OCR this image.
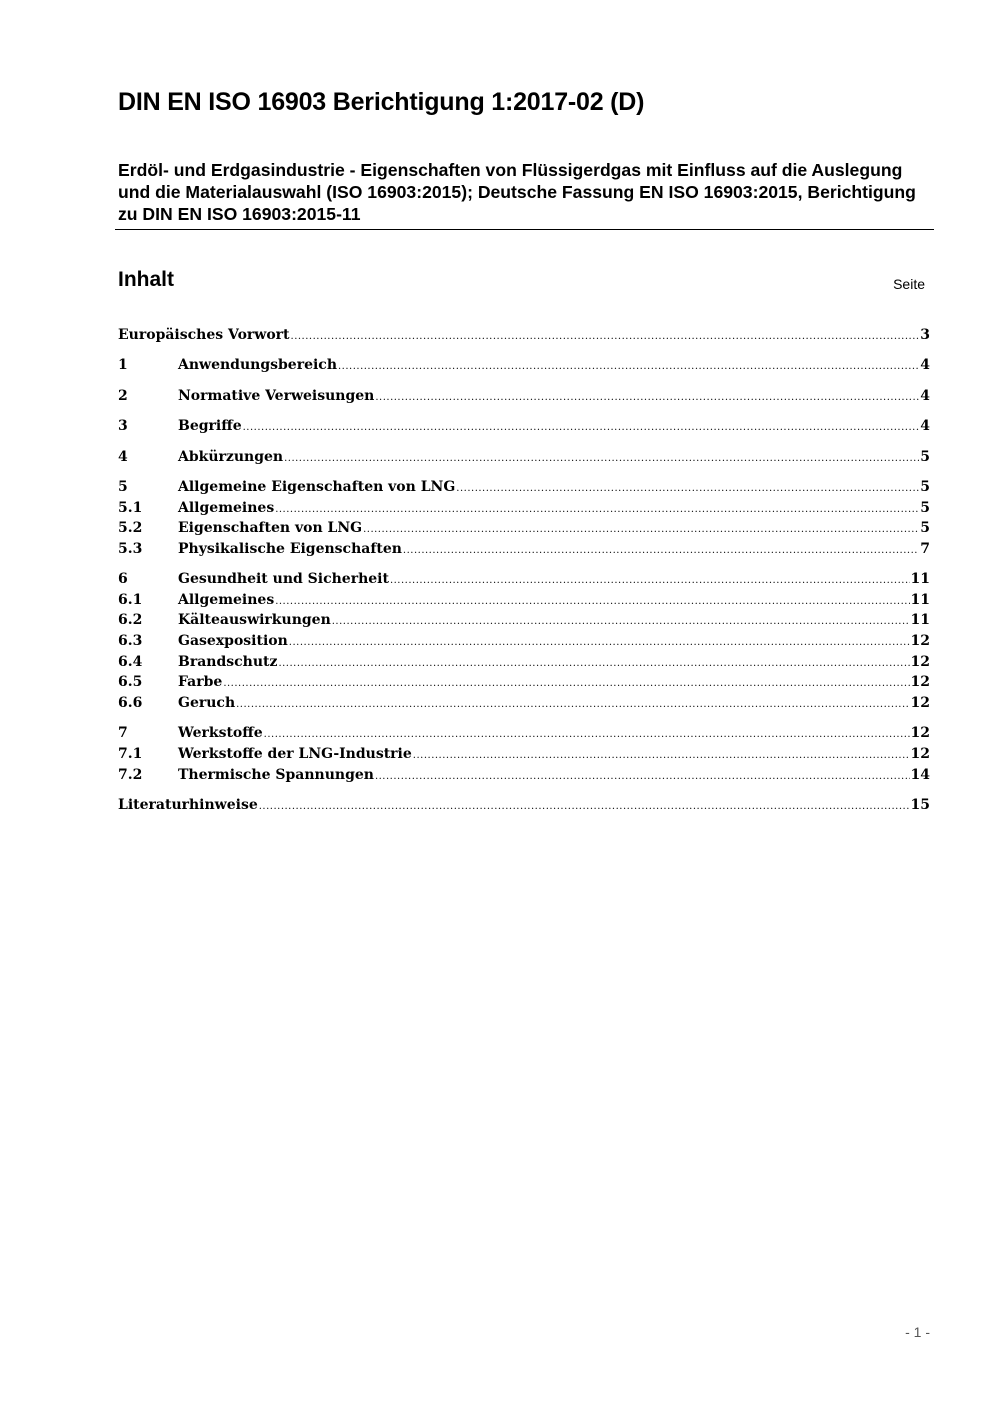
DIN EN ISO 16903 Berichtigung 1:2017-02 (D)
Erdöl- und Erdgasindustrie - Eigenschaften von Flüssigerdgas mit Einfluss auf die Auslegung und die Materialauswahl (ISO 16903:2015); Deutsche Fassung EN ISO 16903:2015, Berichtigung zu DIN EN ISO 16903:2015-11
Inhalt	Seite
Europäisches Vorwort .....	3
1	Anwendungsbereich .....	4
2	Normative Verweisungen .....	4
3	Begriffe .....	4
4	Abkürzungen .....	5
5	Allgemeine Eigenschaften von LNG .....	5
5.1	Allgemeines .....	5
5.2	Eigenschaften von LNG .....	5
5.3	Physikalische Eigenschaften .....	7
6	Gesundheit und Sicherheit .....	11
6.1	Allgemeines .....	11
6.2	Kälteauswirkungen .....	11
6.3	Gasexposition .....	12
6.4	Brandschutz .....	12
6.5	Farbe .....	12
6.6	Geruch .....	12
7	Werkstoffe .....	12
7.1	Werkstoffe der LNG-Industrie .....	12
7.2	Thermische Spannungen .....	14
Literaturhinweise .....	15
- 1 -
